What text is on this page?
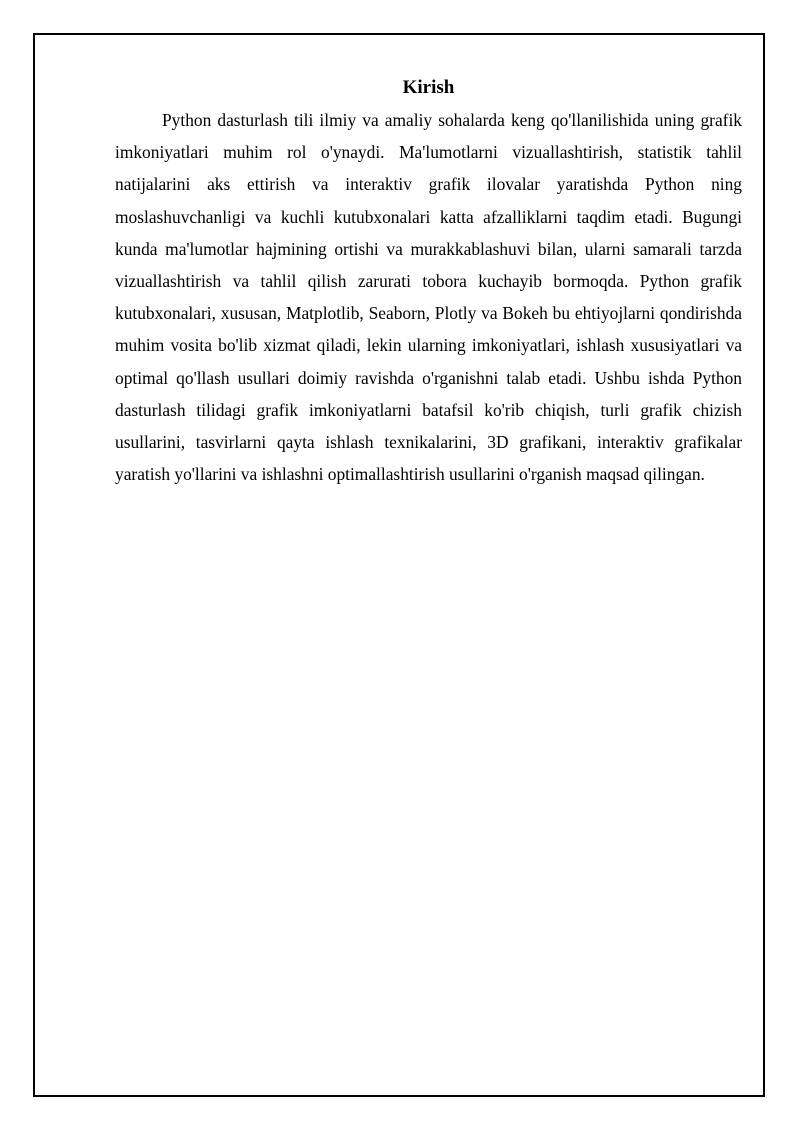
Kirish

Python dasturlash tili ilmiy va amaliy sohalarda keng qo'llanilishida uning grafik imkoniyatlari muhim rol o'ynaydi. Ma'lumotlarni vizuallashtirish, statistik tahlil natijalarini aks ettirish va interaktiv grafik ilovalar yaratishda Python ning moslashuvchanligi va kuchli kutubxonalari katta afzalliklarni taqdim etadi. Bugungi kunda ma'lumotlar hajmining ortishi va murakkablashuvi bilan, ularni samarali tarzda vizuallashtirish va tahlil qilish zarurati tobora kuchayib bormoqda. Python grafik kutubxonalari, xususan, Matplotlib, Seaborn, Plotly va Bokeh bu ehtiyojlarni qondirishda muhim vosita bo'lib xizmat qiladi, lekin ularning imkoniyatlari, ishlash xususiyatlari va optimal qo'llash usullari doimiy ravishda o'rganishni talab etadi. Ushbu ishda Python dasturlash tilidagi grafik imkoniyatlarni batafsil ko'rib chiqish, turli grafik chizish usullarini, tasvirlarni qayta ishlash texnikalarini, 3D grafikani, interaktiv grafikalar yaratish yo'llarini va ishlashni optimallashtirish usullarini o'rganish maqsad qilingan.
